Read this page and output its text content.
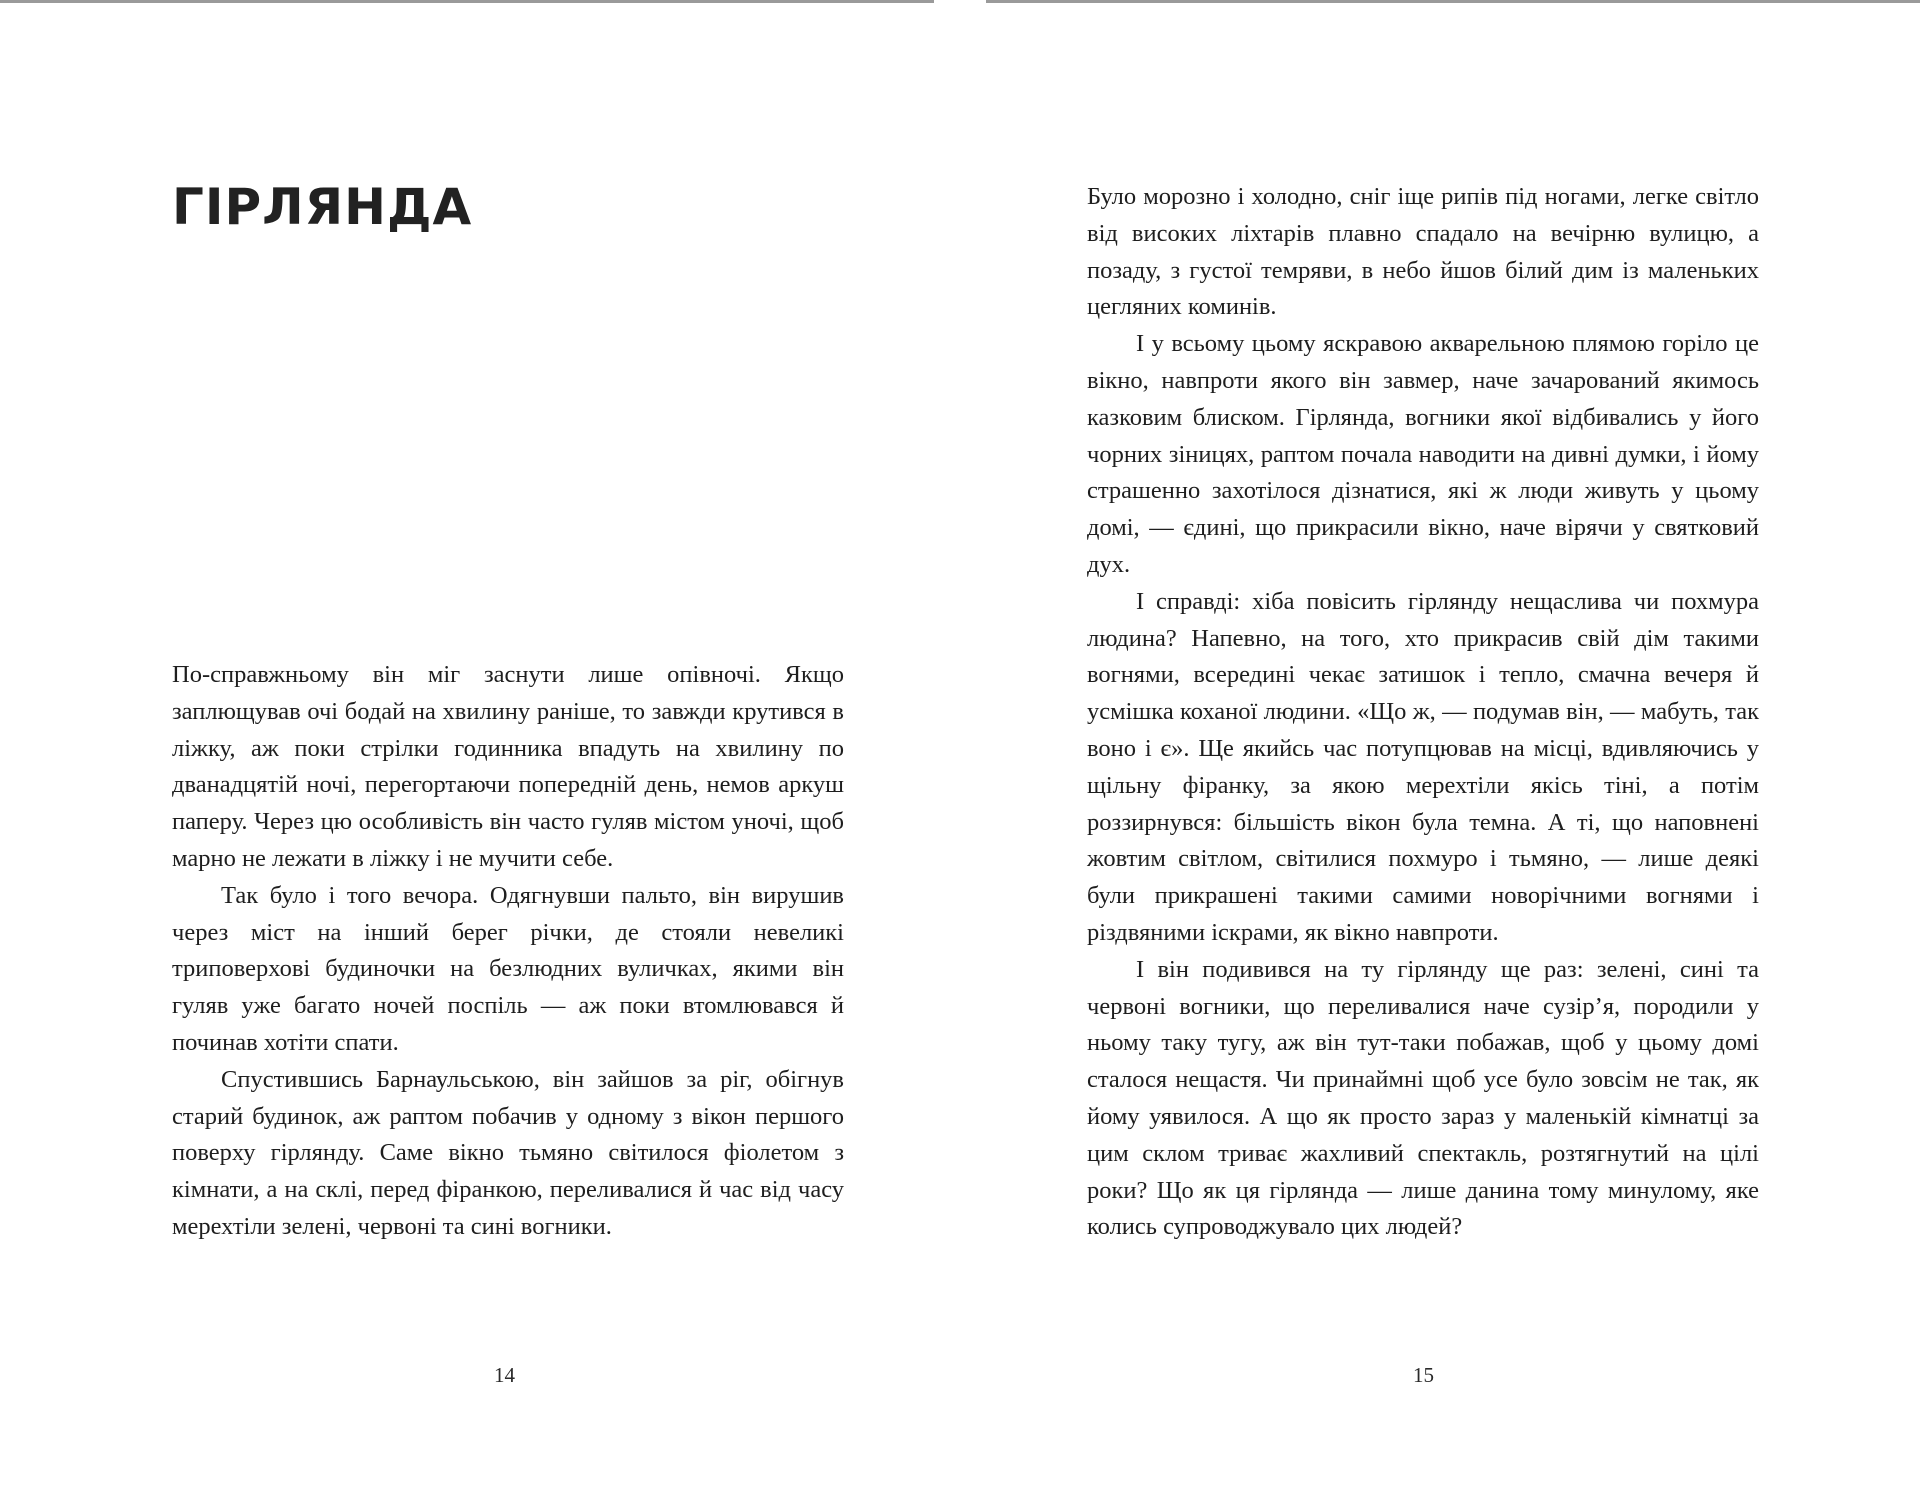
ГІРЛЯНДА

По-справжньому він міг заснути лише опівночі. Якщо заплющував очі бодай на хвилину раніше, то завжди крутився в ліжку, аж поки стрілки годинника впадуть на хвилину по дванадцятій ночі, перегортаючи попередній день, немов аркуш паперу. Через цю особливість він часто гуляв містом уночі, щоб марно не лежати в ліжку і не мучити себе.

Так було і того вечора. Одягнувши пальто, він вирушив через міст на інший берег річки, де стояли невеликі триповерхові будиночки на безлюдних вуличках, якими він гуляв уже багато ночей поспіль — аж поки втомлювався й починав хотіти спати.

Спустившись Барнаульською, він зайшов за ріг, обігнув старий будинок, аж раптом побачив у одному з вікон першого поверху гірлянду. Саме вікно тьмяно світилося фіолетом з кімнати, а на склі, перед фіранкою, переливалися й час від часу мерехтіли зелені, червоні та сині вогники.

14

Було морозно і холодно, сніг іще рипів під ногами, легке світло від високих ліхтарів плавно спадало на вечірню вулицю, а позаду, з густої темряви, в небо йшов білий дим із маленьких цегляних коминів.

І у всьому цьому яскравою акварельною плямою горіло це вікно, навпроти якого він завмер, наче зачарований якимось казковим блиском. Гірлянда, вогники якої відбивались у його чорних зіницях, раптом почала наводити на дивні думки, і йому страшенно захотілося дізнатися, які ж люди живуть у цьому домі, — єдині, що прикрасили вікно, наче вірячи у святковий дух.

І справді: хіба повісить гірлянду нещаслива чи похмура людина? Напевно, на того, хто прикрасив свій дім такими вогнями, всередині чекає затишок і тепло, смачна вечеря й усмішка коханої людини. «Що ж, — подумав він, — мабуть, так воно і є». Ще якийсь час потупцював на місці, вдивляючись у щільну фіранку, за якою мерехтіли якісь тіні, а потім роззирнувся: більшість вікон була темна. А ті, що наповнені жовтим світлом, світилися похмуро і тьмяно, — лише деякі були прикрашені такими самими новорічними вогнями і різдвяними іскрами, як вікно навпроти.

І він подивився на ту гірлянду ще раз: зелені, сині та червоні вогники, що переливалися наче сузір’я, породили у ньому таку тугу, аж він тут-таки побажав, щоб у цьому домі сталося нещастя. Чи принаймні щоб усе було зовсім не так, як йому уявилося. А що як просто зараз у маленькій кімнатці за цим склом триває жахливий спектакль, розтягнутий на цілі роки? Що як ця гірлянда — лише данина тому минулому, яке колись супроводжувало цих людей?

15
